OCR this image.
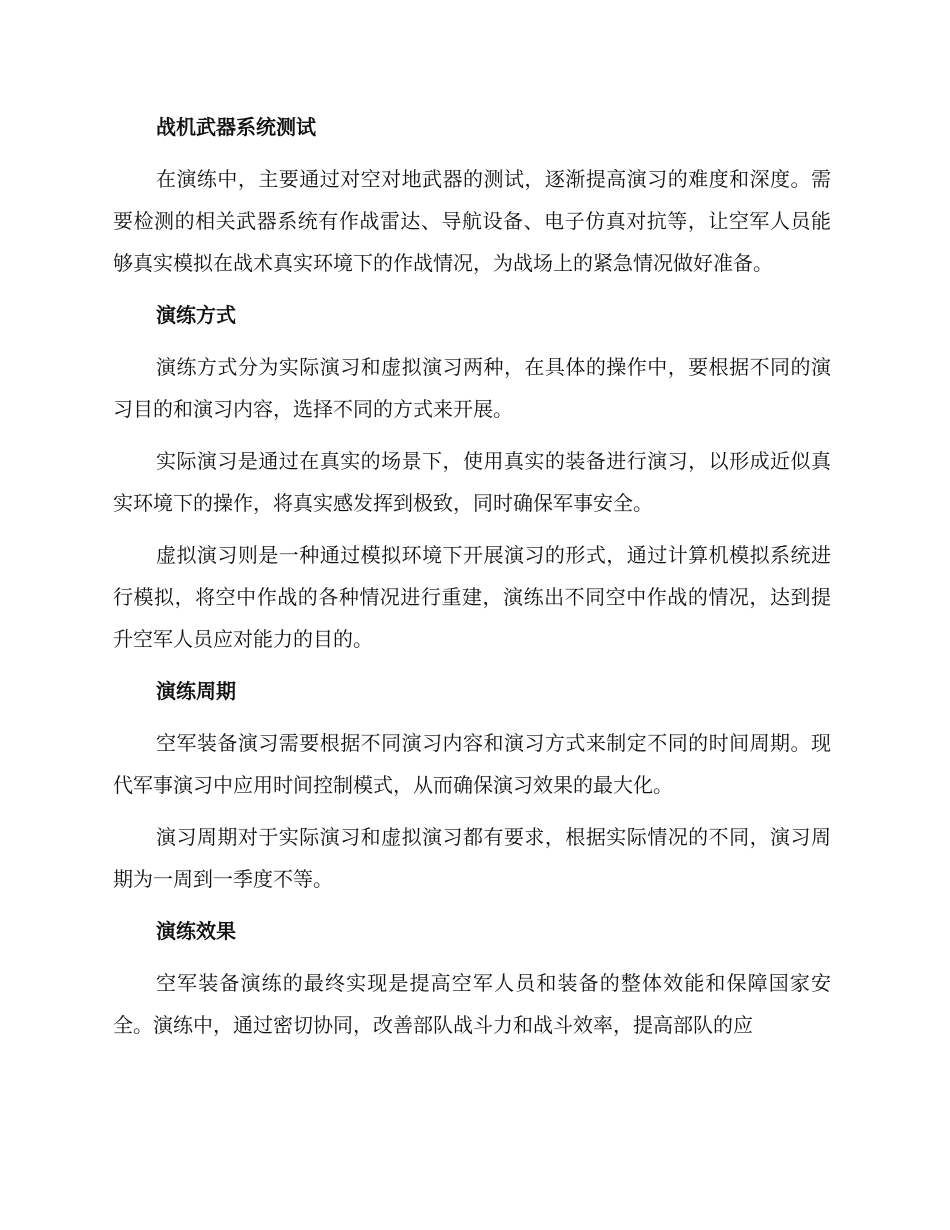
战机武器系统测试

在演练中，主要通过对空对地武器的测试，逐渐提高演习的难度和深度。需要检测的相关武器系统有作战雷达、导航设备、电子仿真对抗等，让空军人员能够真实模拟在战术真实环境下的作战情况，为战场上的紧急情况做好准备。

演练方式

演练方式分为实际演习和虚拟演习两种，在具体的操作中，要根据不同的演习目的和演习内容，选择不同的方式来开展。

实际演习是通过在真实的场景下，使用真实的装备进行演习，以形成近似真实环境下的操作，将真实感发挥到极致，同时确保军事安全。

虚拟演习则是一种通过模拟环境下开展演习的形式，通过计算机模拟系统进行模拟，将空中作战的各种情况进行重建，演练出不同空中作战的情况，达到提升空军人员应对能力的目的。

演练周期

空军装备演习需要根据不同演习内容和演习方式来制定不同的时间周期。现代军事演习中应用时间控制模式，从而确保演习效果的最大化。

演习周期对于实际演习和虚拟演习都有要求，根据实际情况的不同，演习周期为一周到一季度不等。

演练效果

空军装备演练的最终实现是提高空军人员和装备的整体效能和保障国家安全。演练中，通过密切协同，改善部队战斗力和战斗效率，提高部队的应
